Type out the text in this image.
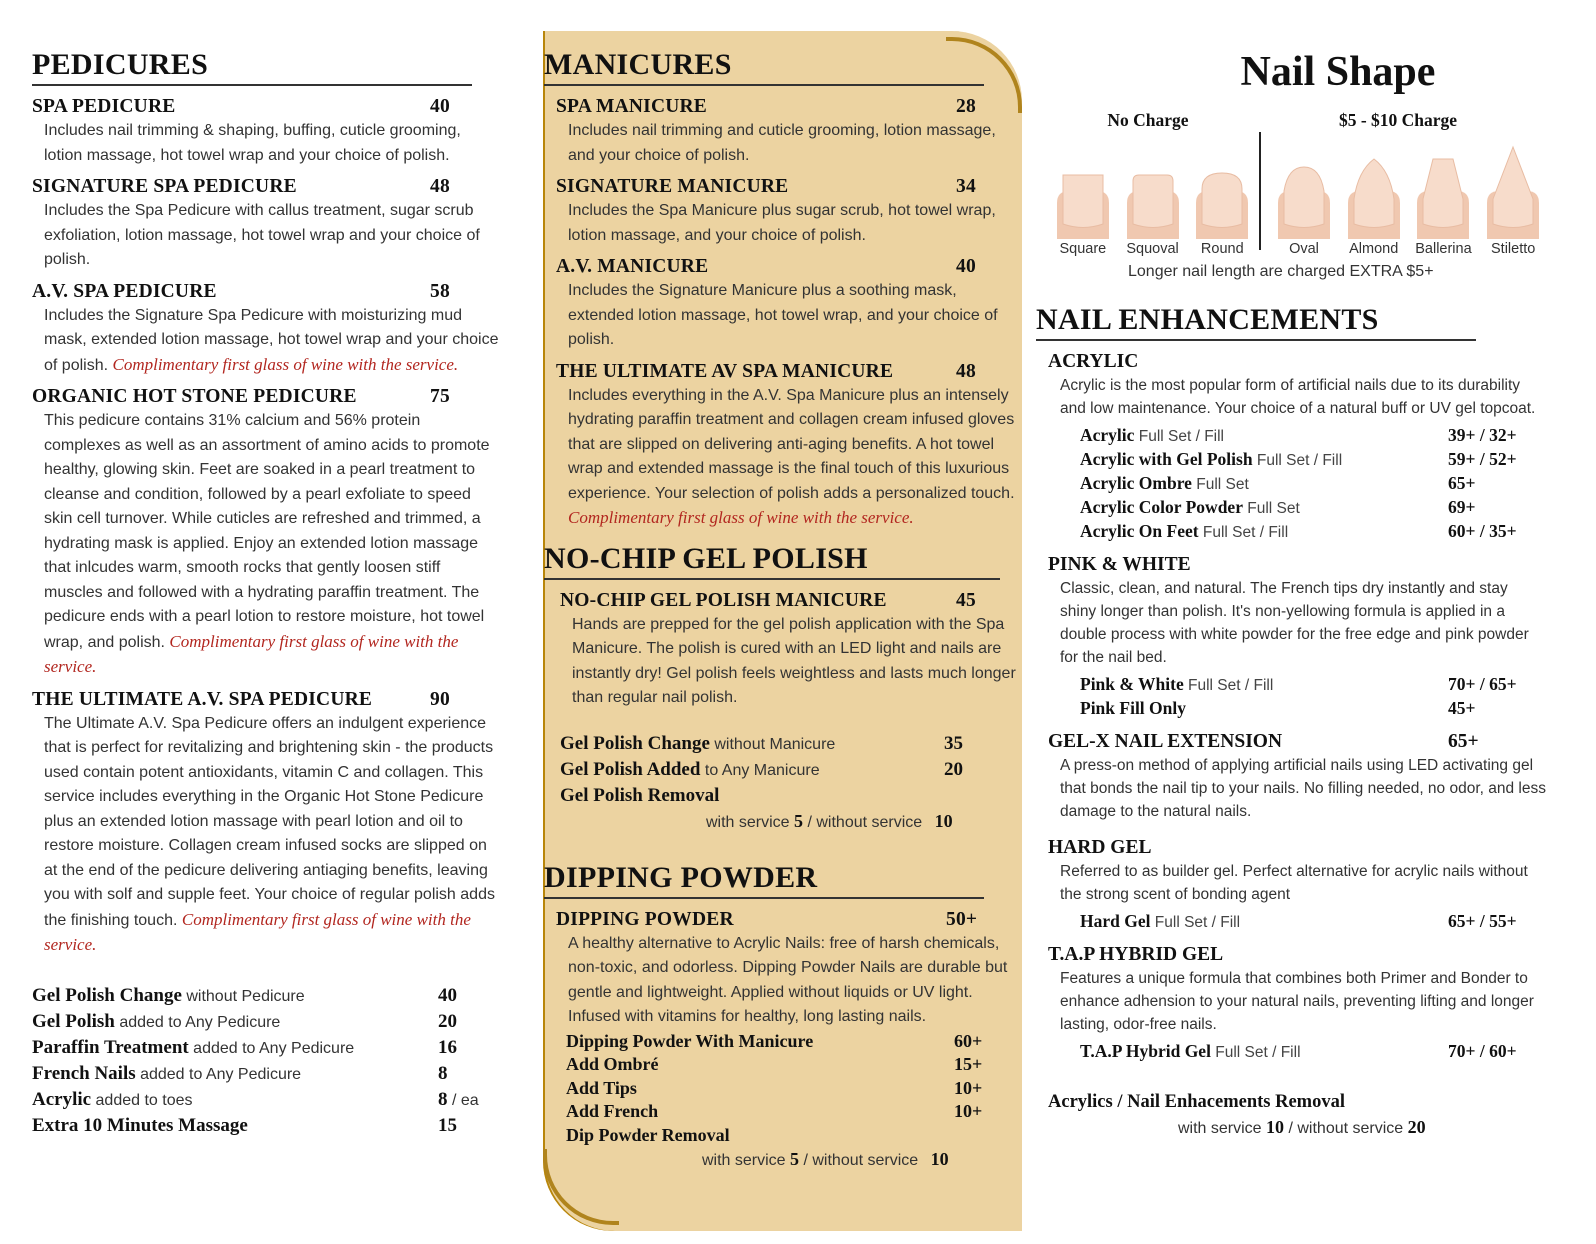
PEDICURES
SPA PEDICURE	40
Includes nail trimming & shaping, buffing, cuticle grooming, lotion massage, hot towel wrap and your choice of polish.
SIGNATURE SPA PEDICURE	48
Includes the Spa Pedicure with callus treatment, sugar scrub exfoliation, lotion massage, hot towel wrap and your choice of polish.
A.V. SPA PEDICURE	58
Includes the Signature Spa Pedicure with moisturizing mud mask, extended lotion massage, hot towel wrap and your choice of polish. Complimentary first glass of wine with the service.
ORGANIC HOT STONE PEDICURE	75
This pedicure contains 31% calcium and 56% protein complexes as well as an assortment of amino acids to promote healthy, glowing skin. Feet are soaked in a pearl treatment to cleanse and condition, followed by a pearl exfoliate to speed skin cell turnover. While cuticles are refreshed and trimmed, a hydrating mask is applied. Enjoy an extended lotion massage that inlcudes warm, smooth rocks that gently loosen stiff muscles and followed with a hydrating paraffin treatment. The pedicure ends with a pearl lotion to restore moisture, hot towel wrap, and polish. Complimentary first glass of wine with the service.
THE ULTIMATE A.V. SPA PEDICURE	90
The Ultimate A.V. Spa Pedicure offers an indulgent experience that is perfect for revitalizing and brightening skin - the products used contain potent antioxidants, vitamin C and collagen. This service includes everything in the Organic Hot Stone Pedicure plus an extended lotion massage with pearl lotion and oil to restore moisture. Collagen cream infused socks are slipped on at the end of the pedicure delivering antiaging benefits, leaving you with solf and supple feet. Your choice of regular polish adds the finishing touch. Complimentary first glass of wine with the service.
Gel Polish Change without Pedicure	40
Gel Polish added to Any Pedicure	20
Paraffin Treatment added to Any Pedicure	16
French Nails added to Any Pedicure	8
Acrylic added to toes	8 / ea
Extra 10 Minutes Massage	15
MANICURES
SPA MANICURE	28
Includes nail trimming and cuticle grooming, lotion massage, and your choice of polish.
SIGNATURE MANICURE	34
Includes the Spa Manicure plus sugar scrub, hot towel wrap, lotion massage, and your choice of polish.
A.V. MANICURE	40
Includes the Signature Manicure plus a soothing mask, extended lotion massage, hot towel wrap, and your choice of polish.
THE ULTIMATE AV SPA MANICURE	48
Includes everything in the A.V. Spa Manicure plus an intensely hydrating paraffin treatment and collagen cream infused gloves that are slipped on delivering anti-aging benefits. A hot towel wrap and extended massage is the final touch of this luxurious experience. Your selection of polish adds a personalized touch. Complimentary first glass of wine with the service.
NO-CHIP GEL POLISH
NO-CHIP GEL POLISH MANICURE	45
Hands are prepped for the gel polish application with the Spa Manicure. The polish is cured with an LED light and nails are instantly dry! Gel polish feels weightless and lasts much longer than regular nail polish.
Gel Polish Change without Manicure	35
Gel Polish Added to Any Manicure	20
Gel Polish Removal
with service 5 / without service 10
DIPPING POWDER
DIPPING POWDER	50+
A healthy alternative to Acrylic Nails: free of harsh chemicals, non-toxic, and odorless. Dipping Powder Nails are durable but gentle and lightweight. Applied without liquids or UV light. Infused with vitamins for healthy, long lasting nails.
Dipping Powder With Manicure	60+
Add Ombré	15+
Add Tips	10+
Add French	10+
Dip Powder Removal
with service 5 / without service 10
Nail Shape
No Charge	$5 - $10 Charge
Square Squoval Round	Oval Almond Ballerina Stiletto
Longer nail length are charged EXTRA $5+
NAIL ENHANCEMENTS
ACRYLIC
Acrylic is the most popular form of artificial nails due to its durability and low maintenance. Your choice of a natural buff or UV gel topcoat.
Acrylic Full Set / Fill	39+ / 32+
Acrylic with Gel Polish Full Set / Fill	59+ / 52+
Acrylic Ombre Full Set	65+
Acrylic Color Powder Full Set	69+
Acrylic On Feet Full Set / Fill	60+ / 35+
PINK & WHITE
Classic, clean, and natural. The French tips dry instantly and stay shiny longer than polish. It's non-yellowing formula is applied in a double process with white powder for the free edge and pink powder for the nail bed.
Pink & White Full Set / Fill	70+ / 65+
Pink Fill Only	45+
GEL-X NAIL EXTENSION	65+
A press-on method of applying artificial nails using LED activating gel that bonds the nail tip to your nails. No filling needed, no odor, and less damage to the natural nails.
HARD GEL
Referred to as builder gel. Perfect alternative for acrylic nails without the strong scent of bonding agent
Hard Gel Full Set / Fill	65+ / 55+
T.A.P HYBRID GEL
Features a unique formula that combines both Primer and Bonder to enhance adhension to your natural nails, preventing lifting and longer lasting, odor-free nails.
T.A.P Hybrid Gel Full Set / Fill	70+ / 60+
Acrylics / Nail Enhacements Removal
with service 10 / without service 20
